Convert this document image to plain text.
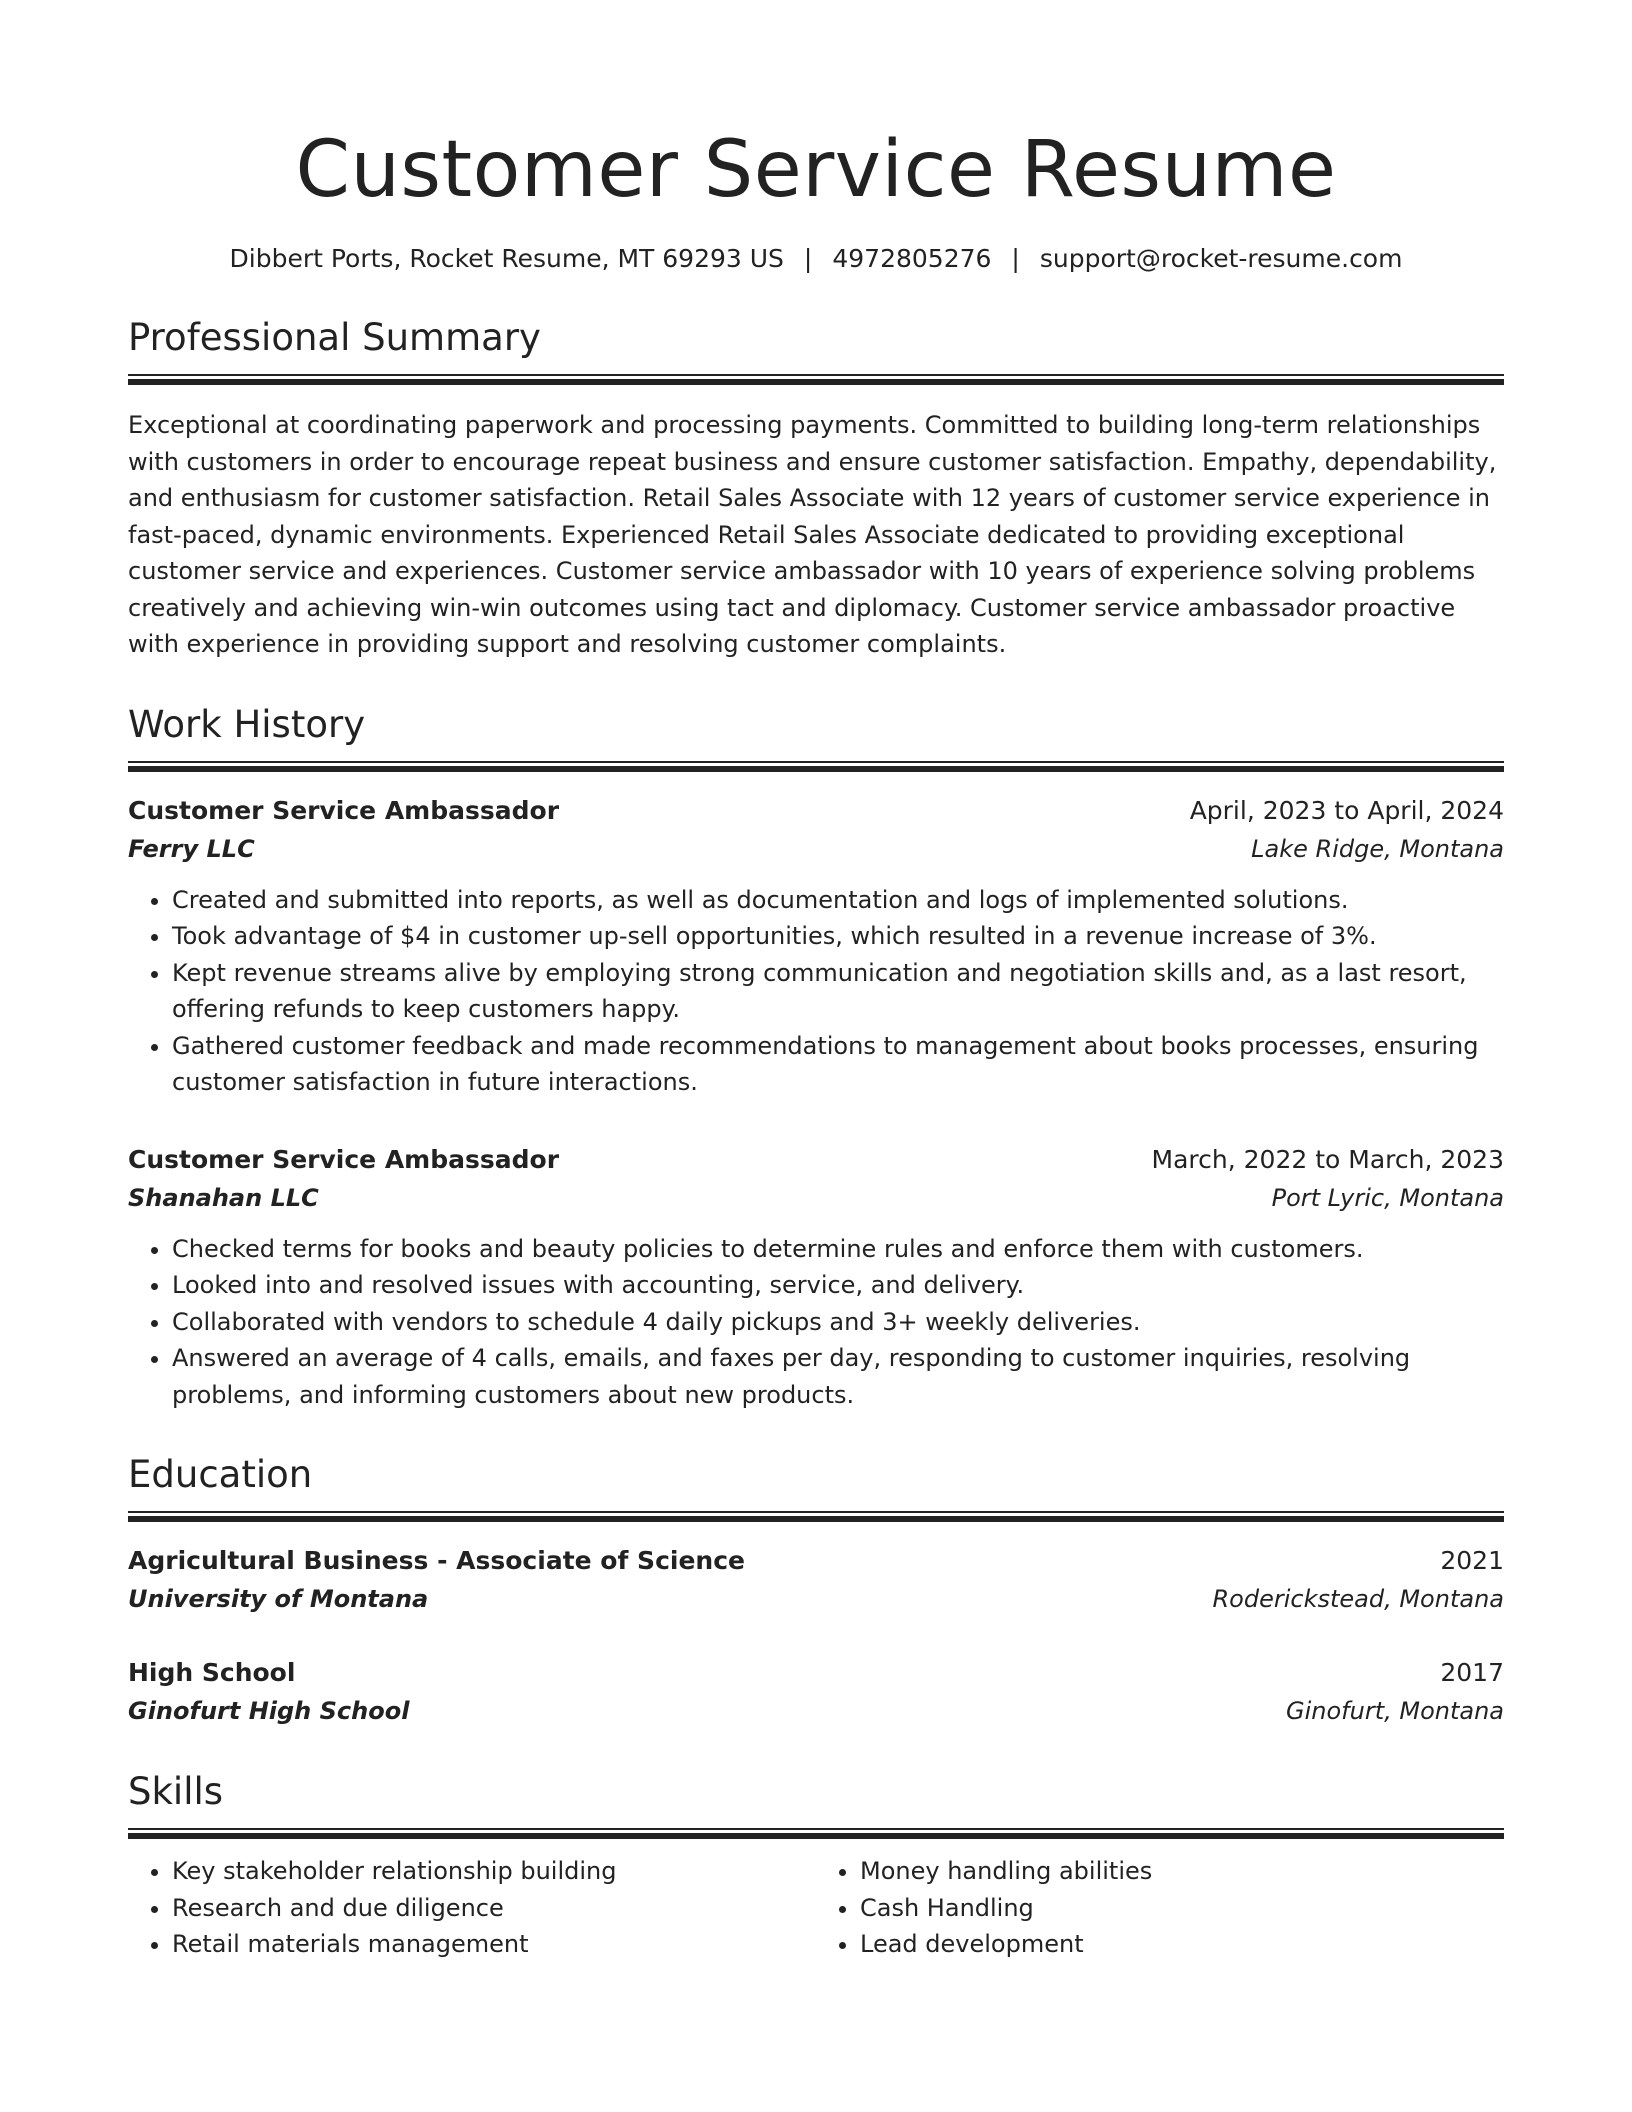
Customer Service Resume
Dibbert Ports, Rocket Resume, MT 69293 US | 4972805276 | support@rocket-resume.com
Professional Summary
Exceptional at coordinating paperwork and processing payments. Committed to building long-term relationships with customers in order to encourage repeat business and ensure customer satisfaction. Empathy, dependability, and enthusiasm for customer satisfaction. Retail Sales Associate with 12 years of customer service experience in fast-paced, dynamic environments. Experienced Retail Sales Associate dedicated to providing exceptional customer service and experiences. Customer service ambassador with 10 years of experience solving problems creatively and achieving win-win outcomes using tact and diplomacy. Customer service ambassador proactive with experience in providing support and resolving customer complaints.
Work History
Customer Service Ambassador	April, 2023 to April, 2024
Ferry LLC	Lake Ridge, Montana
• Created and submitted into reports, as well as documentation and logs of implemented solutions.
• Took advantage of $4 in customer up-sell opportunities, which resulted in a revenue increase of 3%.
• Kept revenue streams alive by employing strong communication and negotiation skills and, as a last resort, offering refunds to keep customers happy.
• Gathered customer feedback and made recommendations to management about books processes, ensuring customer satisfaction in future interactions.
Customer Service Ambassador	March, 2022 to March, 2023
Shanahan LLC	Port Lyric, Montana
• Checked terms for books and beauty policies to determine rules and enforce them with customers.
• Looked into and resolved issues with accounting, service, and delivery.
• Collaborated with vendors to schedule 4 daily pickups and 3+ weekly deliveries.
• Answered an average of 4 calls, emails, and faxes per day, responding to customer inquiries, resolving problems, and informing customers about new products.
Education
Agricultural Business - Associate of Science	2021
University of Montana	Roderickstead, Montana
High School	2017
Ginofurt High School	Ginofurt, Montana
Skills
• Key stakeholder relationship building
• Research and due diligence
• Retail materials management
• Money handling abilities
• Cash Handling
• Lead development
